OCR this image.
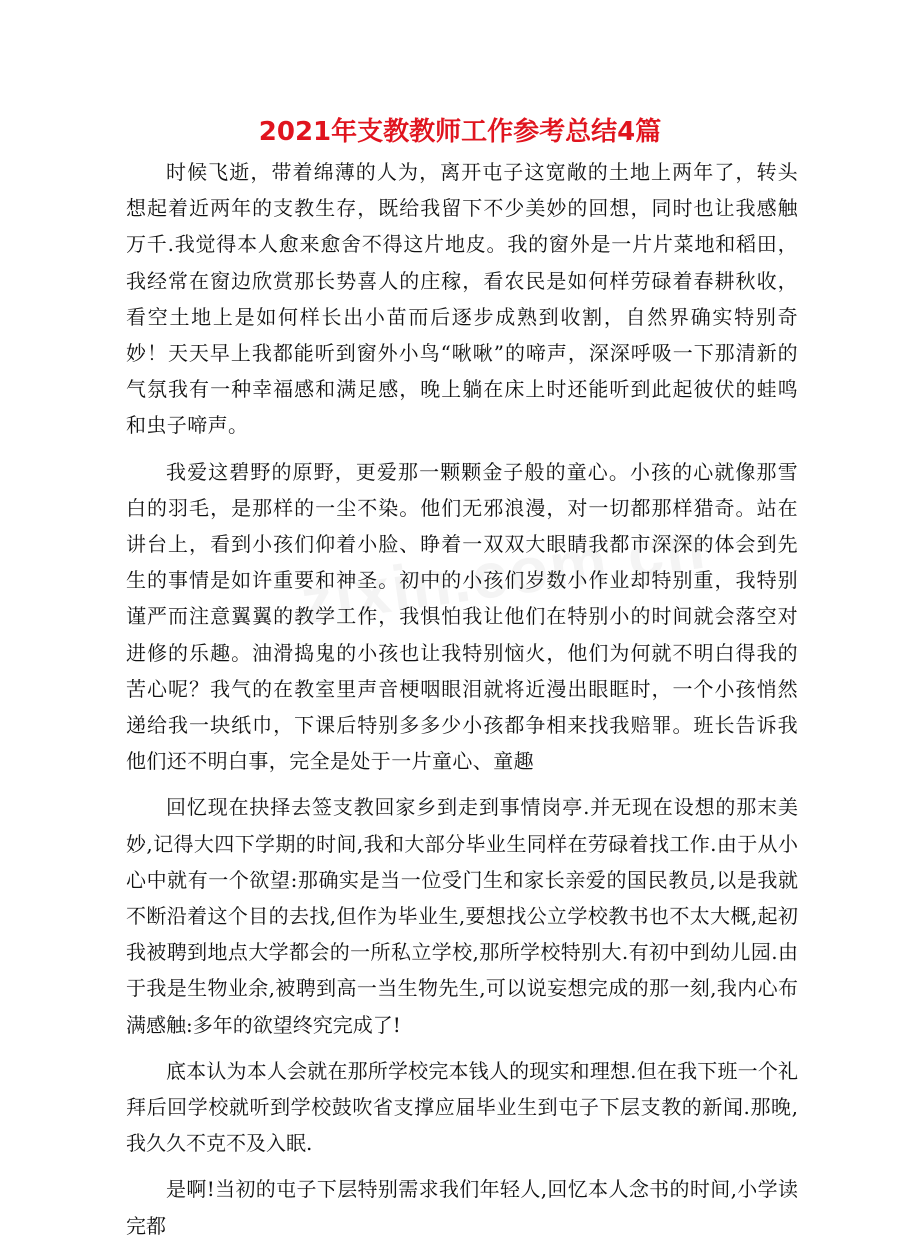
2021年支教教师工作参考总结4篇

时候飞逝，带着绵薄的人为，离开屯子这宽敞的土地上两年了，转头想起着近两年的支教生存，既给我留下不少美妙的回想，同时也让我感触万千.我觉得本人愈来愈舍不得这片地皮。我的窗外是一片片菜地和稻田，我经常在窗边欣赏那长势喜人的庄稼，看农民是如何样劳碌着春耕秋收，看空土地上是如何样长出小苗而后逐步成熟到收割，自然界确实特别奇妙！天天早上我都能听到窗外小鸟“啾啾”的啼声，深深呼吸一下那清新的气氛我有一种幸福感和满足感，晚上躺在床上时还能听到此起彼伏的蛙鸣和虫子啼声。

我爱这碧野的原野，更爱那一颗颗金子般的童心。小孩的心就像那雪白的羽毛，是那样的一尘不染。他们无邪浪漫，对一切都那样猎奇。站在讲台上，看到小孩们仰着小脸、睁着一双双大眼睛我都市深深的体会到先生的事情是如许重要和神圣。初中的小孩们岁数小作业却特别重，我特别谨严而注意翼翼的教学工作，我惧怕我让他们在特别小的时间就会落空对进修的乐趣。油滑捣鬼的小孩也让我特别恼火，他们为何就不明白得我的苦心呢？我气的在教室里声音梗咽眼泪就将近漫出眼眶时，一个小孩悄然递给我一块纸巾，下课后特别多多少小孩都争相来找我赔罪。班长告诉我他们还不明白事，完全是处于一片童心、童趣

回忆现在抉择去签支教回家乡到走到事情岗亭.并无现在设想的那末美妙,记得大四下学期的时间,我和大部分毕业生同样在劳碌着找工作.由于从小心中就有一个欲望:那确实是当一位受门生和家长亲爱的国民教员,以是我就不断沿着这个目的去找,但作为毕业生,要想找公立学校教书也不太大概,起初我被聘到地点大学都会的一所私立学校,那所学校特别大.有初中到幼儿园.由于我是生物业余,被聘到高一当生物先生,可以说妄想完成的那一刻,我内心布满感触:多年的欲望终究完成了!

底本认为本人会就在那所学校完本钱人的现实和理想.但在我下班一个礼拜后回学校就听到学校鼓吹省支撑应届毕业生到屯子下层支教的新闻.那晚,我久久不克不及入眠.

是啊!当初的屯子下层特别需求我们年轻人,回忆本人念书的时间,小学读完都
